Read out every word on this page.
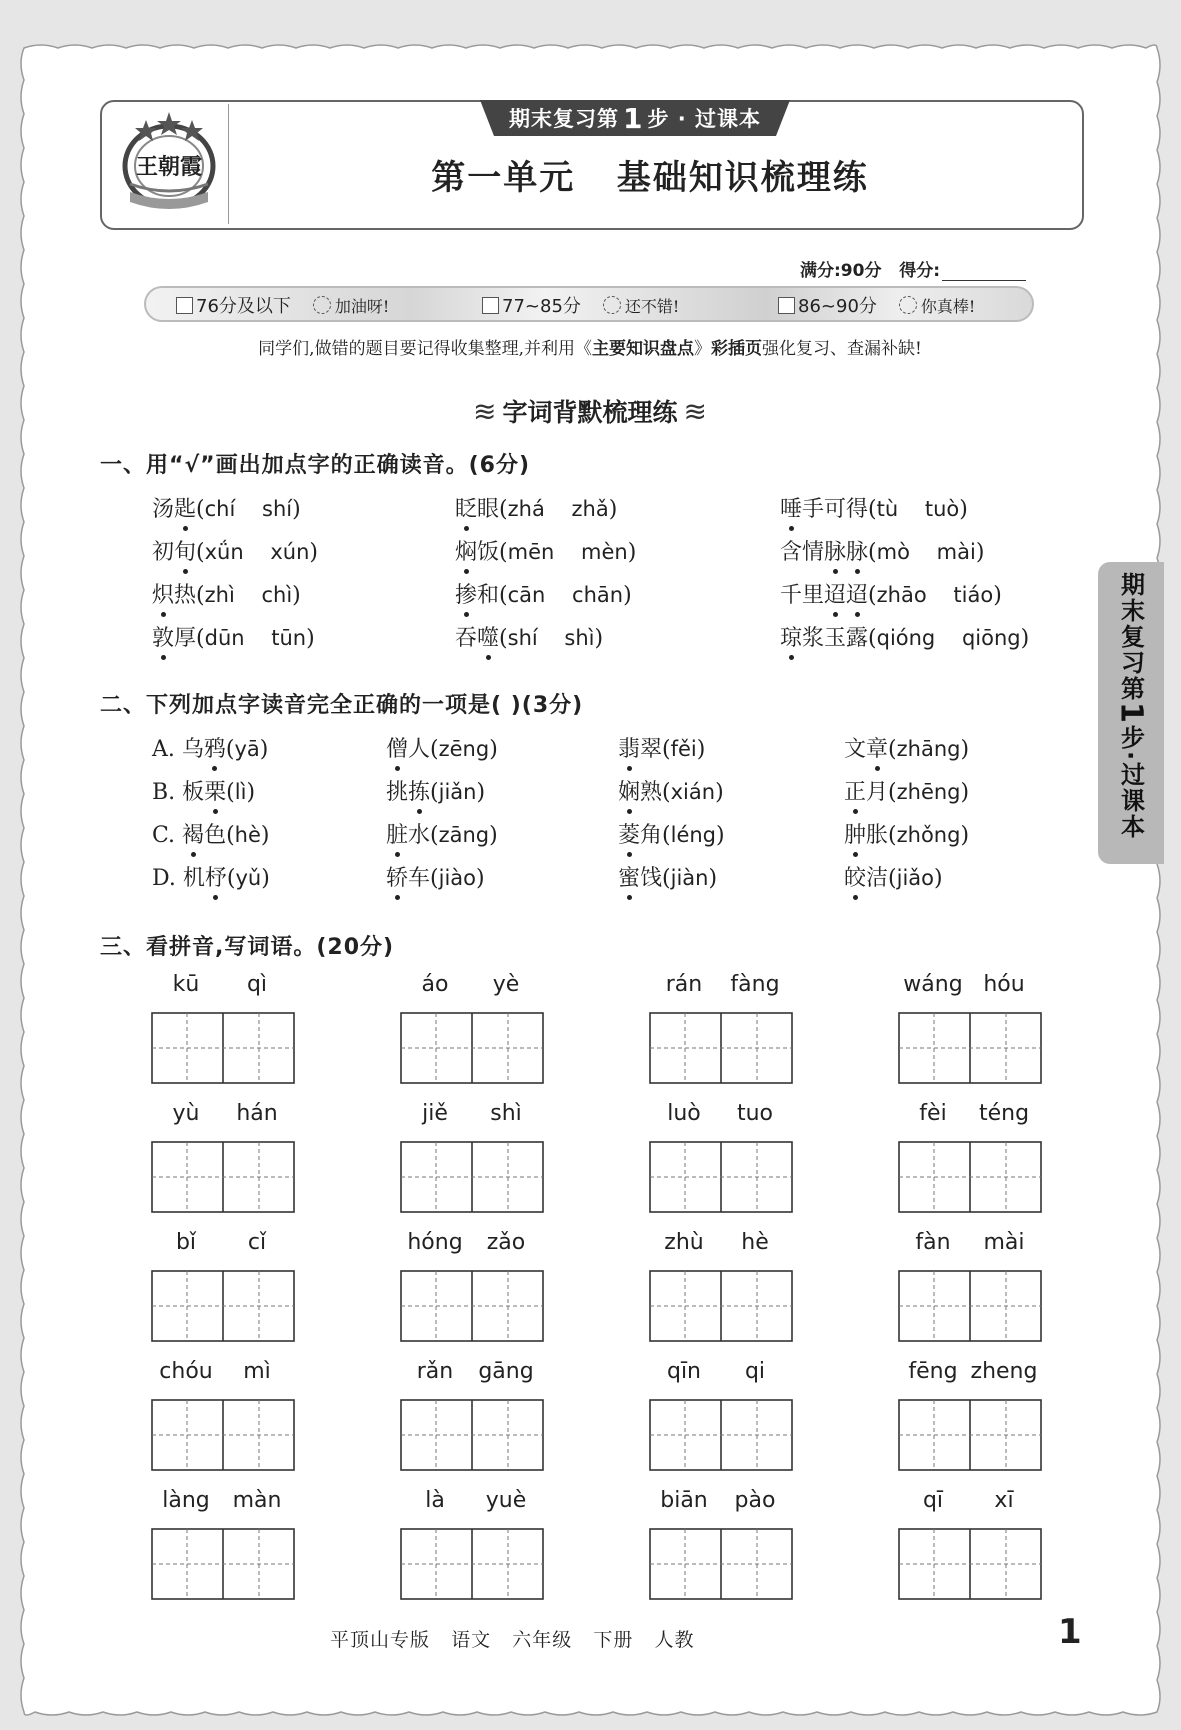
王朝霞
期末复习第 1 步 · 过课本
第一单元   基础知识梳理练
满分:90分 得分:
76分及以下	加油呀!	77~85分	还不错!	86~90分	你真棒!
同学们,做错的题目要记得收集整理,并利用《主要知识盘点》彩插页强化复习、查漏补缺!
≋ 字词背默梳理练 ≋
一、用“√”画出加点字的正确读音。(6分)
汤匙(chí    shí)	眨眼(zhá    zhǎ)	唾手可得(tù    tuò)
初旬(xǘn    xún)	焖饭(mēn    mèn)	含情脉脉(mò    mài)
炽热(zhì    chì)	掺和(cān    chān)	千里迢迢(zhāo    tiáo)
敦厚(dūn    tūn)	吞噬(shí    shì)	琼浆玉露(qióng    qiōng)
二、下列加点字读音完全正确的一项是( )(3分)
A. 乌鸦(yā)	僧人(zēng)	翡翠(fěi)	文章(zhāng)
B. 板栗(lì)	挑拣(jiǎn)	娴熟(xián)	正月(zhēng)
C. 褐色(hè)	脏水(zāng)	菱角(léng)	肿胀(zhǒng)
D. 机杼(yǔ)	轿车(jiào)	蜜饯(jiàn)	皎洁(jiǎo)
三、看拼音,写词语。(20分)
kū qì	áo yè	rán fàng	wáng hóu
yù hán	jiě shì	luò tuo	fèi téng
bǐ cǐ	hóng zǎo	zhù hè	fàn mài
chóu mì	rǎn gāng	qīn qi	fēng zheng
làng màn	là yuè	biān pào	qī xī
期末复习第
1
步·过课本
平顶山专版   语文   六年级   下册   人教	1
